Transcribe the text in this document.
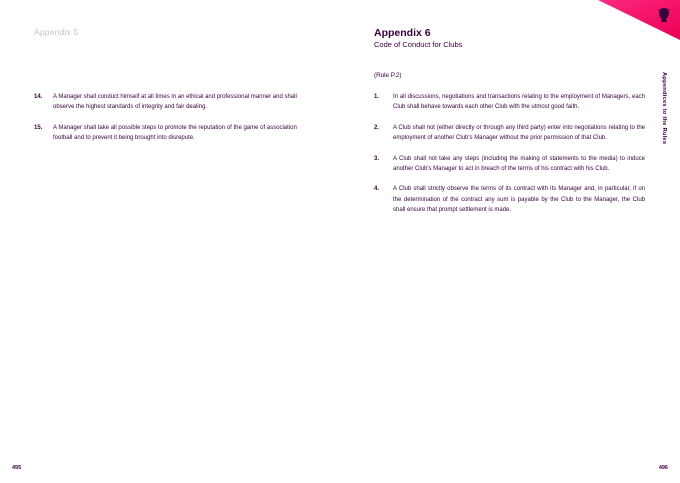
Appendix 5
14.	A Manager shall conduct himself at all times in an ethical and professional manner and shall observe the highest standards of integrity and fair dealing.
15.	A Manager shall take all possible steps to promote the reputation of the game of association football and to prevent it being brought into disrepute.
495
Appendix 6
Code of Conduct for Clubs
(Rule P.2)
1.	In all discussions, negotiations and transactions relating to the employment of Managers, each Club shall behave towards each other Club with the utmost good faith.
2.	A Club shall not (either directly or through any third party) enter into negotiations relating to the employment of another Club's Manager without the prior permission of that Club.
3.	A Club shall not take any steps (including the making of statements to the media) to induce another Club's Manager to act in breach of the terms of his contract with his Club.
4.	A Club shall strictly observe the terms of its contract with its Manager and, in particular, if on the determination of the contract any sum is payable by the Club to the Manager, the Club shall ensure that prompt settlement is made.
Appendices to the Rules
496
